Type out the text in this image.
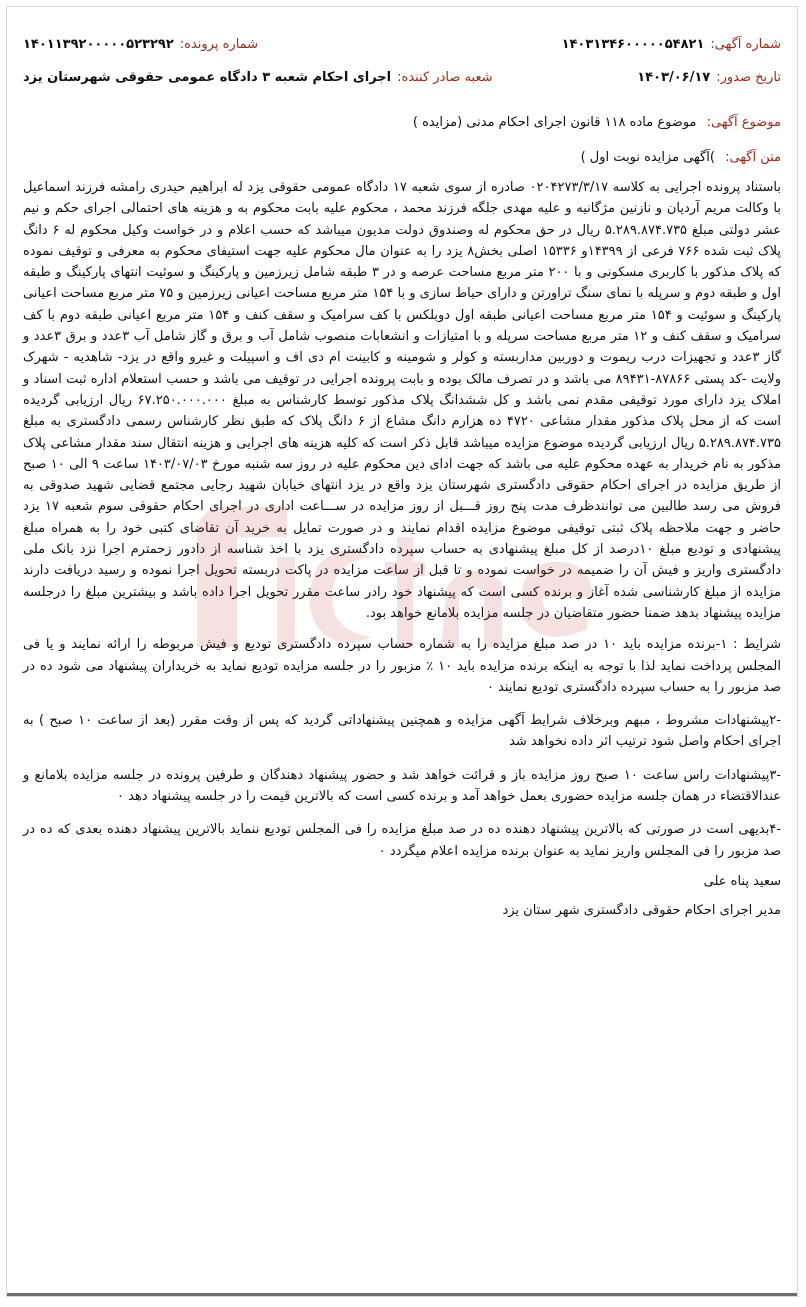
شماره آگهی:
۱۴۰۳۱۳۴۶۰۰۰۰۰۵۴۸۲۱
شماره پرونده:
۱۴۰۱۱۳۹۲۰۰۰۰۰۵۲۳۲۹۲
تاریخ صدور:
۱۴۰۳/۰۶/۱۷
شعبه صادر کننده:
اجرای احکام شعبه ۳ دادگاه عمومی حقوقی شهرستان یزد
موضوع آگهی: موضوع ماده ۱۱۸ قانون اجرای احکام مدنی (مزایده )
متن آگهی: )آگهی مزایده نوبت اول )

باستناد پرونده اجرایی به کلاسه ۰۲۰۴۲۷۳/۳/۱۷ صادره از سوی شعبه ۱۷ دادگاه عمومی حقوقی یزد له ابراهیم حیدری رامشه فرزند اسماعیل با وکالت مریم آردیان و نازنین مژگانیه و علیه مهدی جلگه فرزند محمد ، محکوم علیه بابت محکوم به و هزینه های احتمالی اجرای حکم و نیم عشر دولتی مبلغ ۵.۲۸۹.۸۷۴.۷۳۵ ریال در حق محکوم له وصندوق دولت مدیون میباشد که حسب اعلام و در خواست وکیل محکوم له ۶ دانگ پلاک ثبت شده ۷۶۶ فرعی از ۱۴۳۹۹و ۱۵۳۳۶ اصلی بخش۸ یزد را به عنوان مال محکوم علیه جهت استیفای محکوم به معرفی و توقیف نموده که پلاک مذکور با کاربری مسکونی و با ۲۰۰ متر مربع مساحت عرصه و در ۳ طبقه شامل زیرزمین و پارکینگ و سوئیت انتهای پارکینگ و طبقه اول و طبقه دوم و سرپله با نمای سنگ تراورتن و دارای حیاط سازی و با ۱۵۴ متر مربع مساحت اعیانی زیرزمین و ۷۵ متر مربع مساحت اعیانی پارکینگ و سوئیت و ۱۵۴ متر مربع مساحت اعیانی طبقه اول دوبلکس با کف سرامیک و سقف کنف و ۱۵۴ متر مربع اعیانی طبقه دوم با کف سرامیک و سقف کنف و ۱۲ متر مربع مساحت سرپله و با امتیازات و انشعابات منصوب شامل آب و برق و گاز شامل آب ۳عدد و برق ۳عدد و گاز ۳عدد و تجهیزات درب ریموت و دوربین مداربسته و کولر و شومینه و کابینت ام دی اف و اسپیلت و غیرو واقع در یزد- شاهدیه - شهرک ولایت -کد پستی ۸۷۸۶۶-۸۹۴۳۱ می باشد و در تصرف مالک بوده و بابت پرونده اجرایی در توقیف می باشد و حسب استعلام اداره ثبت اسناد و املاک یزد دارای مورد توقیفی مقدم نمی باشد و کل ششدانگ پلاک مذکور توسط کارشناس به مبلغ ۶۷.۲۵۰.۰۰۰.۰۰۰ ریال ارزیابی گردیده است که از محل پلاک مذکور مقدار مشاعی ۴۷۲۰ ده هزارم دانگ مشاع از ۶ دانگ پلاک که طبق نظر کارشناس رسمی دادگستری به مبلغ ۵.۲۸۹.۸۷۴.۷۳۵ ریال ارزیابی گردیده موضوع مزایده میباشد قابل ذکر است که کلیه هزینه های اجرایی و هزینه انتقال سند مقدار مشاعی پلاک مذکور به نام خریدار به عهده محکوم علیه می باشد که جهت ادای دین محکوم علیه در روز سه شنبه مورخ ۱۴۰۳/۰۷/۰۳ ساعت ۹ الی ۱۰ صبح از طریق مزایده در اجرای احکام حقوقی دادگستری شهرستان یزد واقع در یزد انتهای خیابان شهید رجایی مجتمع قضایی شهید صدوقی به فروش می رسد طالبین می توانندظرف مدت پنج روز قـــبل از روز مزایده در ســـاعت اداری در اجرای احکام حقوقی سوم شعبه ۱۷ یزد حاضر و جهت ملاحظه پلاک ثبتی توقیفی موضوع مزایده اقدام نمایند و در صورت تمایل به خرید آن تقاضای کتبی خود را به همراه مبلغ پیشنهادی و توديع مبلغ ۱۰درصد از کل مبلغ پیشنهادی به حساب سپرده دادگستری یزد با اخذ شناسه از دادور زحمترم اجرا نزد بانک ملی دادگستری واریز و فیش آن را ضمیمه در خواست نموده و تا قبل از ساعت مزایده در پاکت دربسته تحویل اجرا نموده و رسید دریافت دارند مزایده از مبلغ کارشناسی شده آغاز و برنده کسی است که پیشنهاد خود رادر ساعت مقرر تحویل اجرا داده باشد و بیشترین مبلغ را درجلسه مزایده پیشنهاد بدهد ضمنا حضور متقاضیان در جلسه مزایده بلامانع خواهد بود.

شرایط : ۱-برنده مزایده باید ۱۰ در صد مبلغ مزایده را به شماره حساب سپرده دادگستری تودیع و فیش مربوطه را ارائه نمایند و یا فی المجلس پرداخت نماید لذا با توجه به اینکه برنده مزایده باید ۱۰ ٪ مزبور را در جلسه مزایده تودیع نماید به خریداران پیشنهاد می شود ده در صد مزبور را به حساب سپرده دادگستری تودیع نمایند ٠

-۲پیشنهادات مشروط ، مبهم وبرخلاف شرایط آگهی مزایده و همچنین پیشنهاداتی گردید که پس از وقت مقرر (بعد از ساعت ۱۰ صبح ) به اجرای احکام واصل شود ترتیب اثر داده نخواهد شد

-۳پیشنهادات راس ساعت ۱۰ صبح روز مزایده باز و قرائت خواهد شد و حضور پیشنهاد دهندگان و طرفین پرونده در جلسه مزایده بلامانع و عندالاقتضاء در همان جلسه مزایده حضوری بعمل خواهد آمد و برنده کسی است که بالاترین قیمت را در جلسه پیشنهاد دهد ٠

-۴بدیهی است در صورتی که بالاترین پیشنهاد دهنده ده در صد مبلغ مزایده را فی المجلس تودیع ننماید بالاترین پیشنهاد دهنده بعدی که ده در صد مزبور را فی المجلس واریز نماید به عنوان برنده مزایده اعلام میگردد ٠

سعید پناه علی
مدیر اجرای احکام حقوقی دادگستری شهر ستان یزد
